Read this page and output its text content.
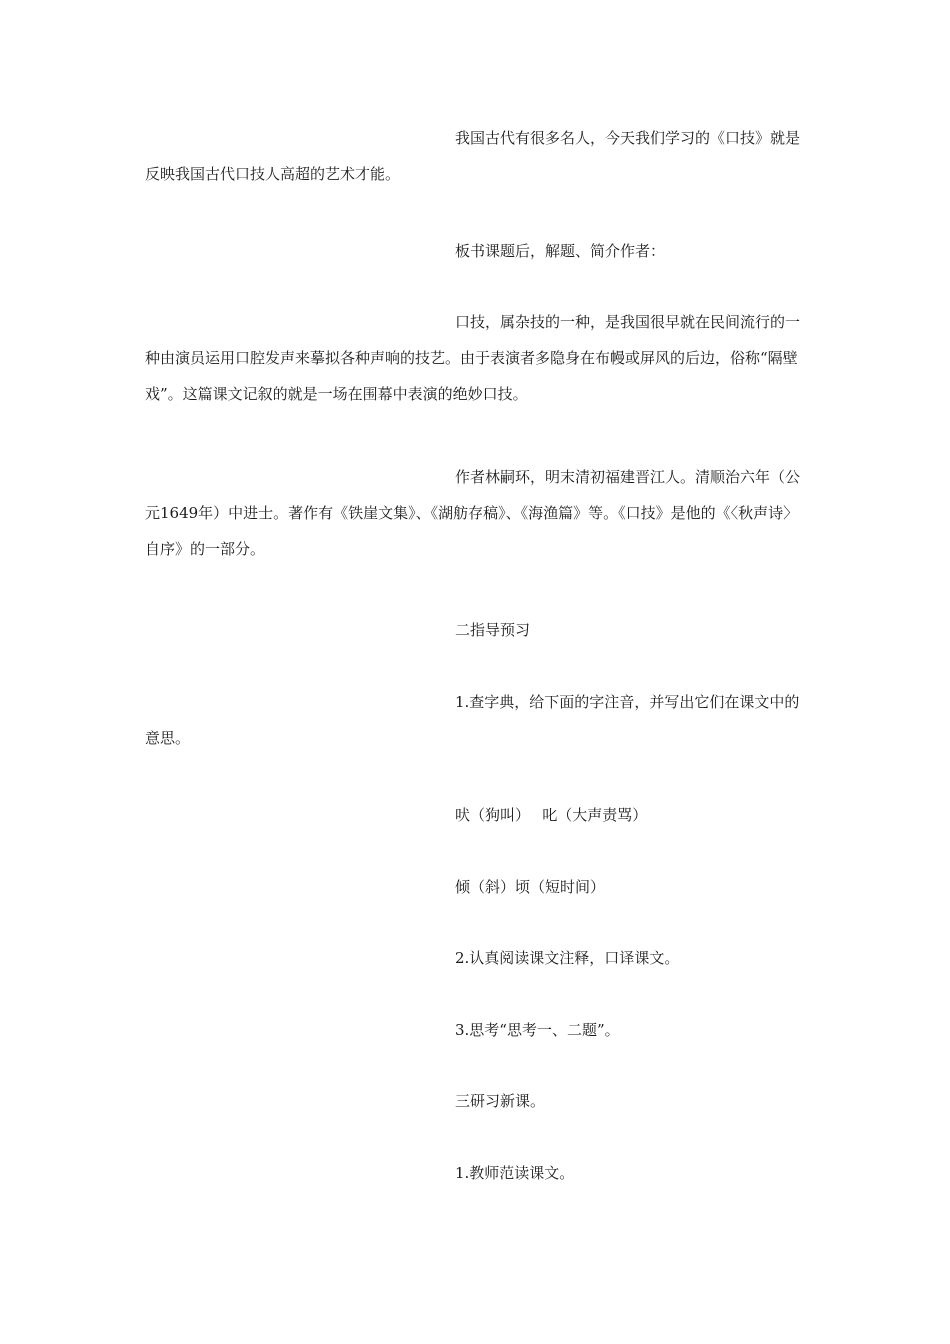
我国古代有很多名人，今天我们学习的《口技》就是反映我国古代口技人高超的艺术才能。

板书课题后，解题、简介作者：

口技，属杂技的一种，是我国很早就在民间流行的一种由演员运用口腔发声来摹拟各种声响的技艺。由于表演者多隐身在布幔或屏风的后边，俗称“隔壁戏”。这篇课文记叙的就是一场在围幕中表演的绝妙口技。

作者林嗣环，明末清初福建晋江人。清顺治六年（公元1649年）中进士。著作有《铁崖文集》、《湖舫存稿》、《海渔篇》等。《口技》是他的《〈秋声诗〉自序》的一部分。

二指导预习

1.查字典，给下面的字注音，并写出它们在课文中的意思。

吠（狗叫）　 叱（大声责骂）

倾（斜）顷（短时间）

2.认真阅读课文注释，口译课文。

3.思考“思考一、二题”。

三研习新课。

1.教师范读课文。
